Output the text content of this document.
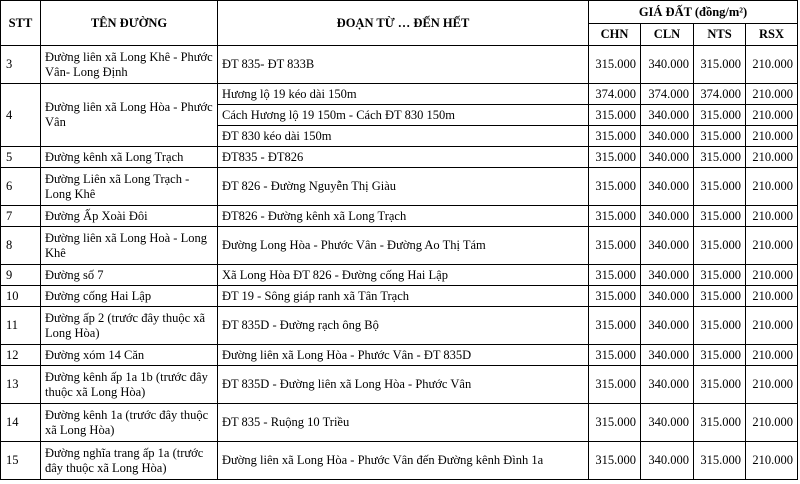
STT	TÊN ĐƯỜNG	ĐOẠN TỪ … ĐẾN HẾT	GIÁ ĐẤT (đồng/m²)			
			CHN	CLN	NTS	RSX
3	Đường liên xã Long Khê - Phước Vân- Long Định	ĐT 835- ĐT 833B	315.000	340.000	315.000	210.000
4	Đường liên xã Long Hòa - Phước Vân	Hương lộ 19 kéo dài 150m	374.000	374.000	374.000	210.000
		Cách Hương lộ 19 150m - Cách ĐT 830 150m	315.000	340.000	315.000	210.000
		ĐT 830 kéo dài 150m	315.000	340.000	315.000	210.000
5	Đường kênh xã Long Trạch	ĐT835 - ĐT826	315.000	340.000	315.000	210.000
6	Đường Liên xã Long Trạch - Long Khê	ĐT 826 - Đường Nguyễn Thị Giàu	315.000	340.000	315.000	210.000
7	Đường Ấp Xoài Đôi	ĐT826 - Đường kênh xã Long Trạch	315.000	340.000	315.000	210.000
8	Đường liên xã Long Hoà - Long Khê	Đường Long Hòa - Phước Vân - Đường Ao Thị Tám	315.000	340.000	315.000	210.000
9	Đường số 7	Xã Long Hòa ĐT 826 - Đường cống Hai Lập	315.000	340.000	315.000	210.000
10	Đường cống Hai Lập	ĐT 19 - Sông giáp ranh xã Tân Trạch	315.000	340.000	315.000	210.000
11	Đường ấp 2 (trước đây thuộc xã Long Hòa)	ĐT 835D - Đường rạch ông Bộ	315.000	340.000	315.000	210.000
12	Đường xóm 14 Căn	Đường liên xã Long Hòa - Phước Vân - ĐT 835D	315.000	340.000	315.000	210.000
13	Đường kênh ấp 1a 1b (trước đây thuộc xã Long Hòa)	ĐT 835D - Đường liên xã Long Hòa - Phước Vân	315.000	340.000	315.000	210.000
14	Đường kênh 1a (trước đây thuộc xã Long Hòa)	ĐT 835 - Ruộng 10 Triều	315.000	340.000	315.000	210.000
15	Đường nghĩa trang ấp 1a (trước đây thuộc xã Long Hòa)	Đường liên xã Long Hòa - Phước Vân đến Đường kênh Đình 1a	315.000	340.000	315.000	210.000
